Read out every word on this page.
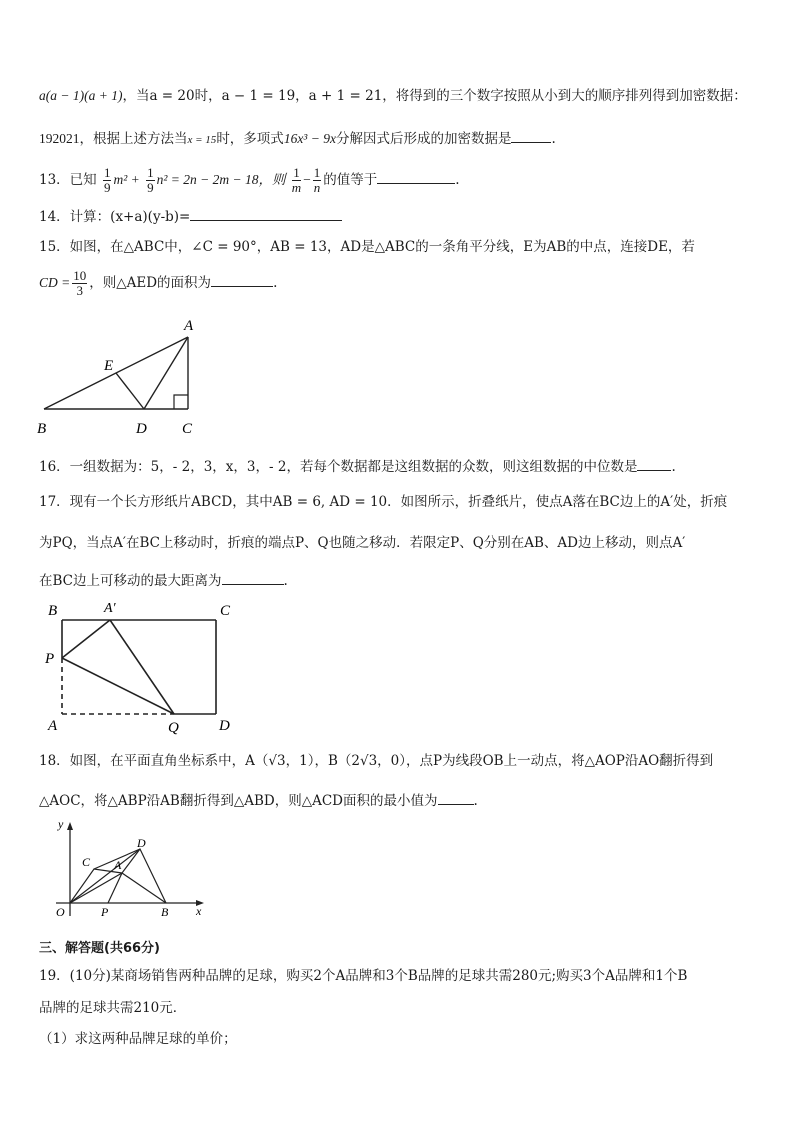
a(a − 1)(a + 1)，当a = 20时，a − 1 = 19，a + 1 = 21，将得到的三个数字按照从小到大的顺序排列得到加密数据：
192021，根据上述方法当x = 15时，多项式16x³ − 9x分解因式后形成的加密数据是	.
13．已知 $\frac{1}{9} m^2 + \frac{1}{9} n^2 = 2n - 2m - 18$，则 $\frac{1}{m} - \frac{1}{n}$ 的值等于	.
14．计算：(x+a)(y-b)=
15．如图，在△ABC中，∠C = 90°，AB = 13，AD是△ABC的一条角平分线，E为AB的中点，连接DE，若
CD = $\frac{10}{3}$ ，则△AED的面积为	.
A
B	C
D
E
16．一组数据为：5，- 2，3，x，3，- 2，若每个数据都是这组数据的众数，则这组数据的中位数是	.
17．现有一个长方形纸片ABCD，其中AB = 6, AD = 10．如图所示，折叠纸片，使点A落在BC边上的A′处，折痕
为PQ，当点A′在BC上移动时，折痕的端点P、Q也随之移动．若限定P、Q分别在AB、AD边上移动，则点A′
在BC边上可移动的最大距离为	.
B	A′	C
P
A	Q	D
18．如图，在平面直角坐标系中，A（√3，1），B（2√3，0），点P为线段OB上一动点，将△AOP沿AO翻折得到
△AOC，将△ABP沿AB翻折得到△ABD，则△ACD面积的最小值为	.
y
x
O	P	B
C A
D
三、解答题(共66分)
19．(10分)某商场销售两种品牌的足球，购买2个A品牌和3个B品牌的足球共需280元;购买3个A品牌和1个B
品牌的足球共需210元．
（1）求这两种品牌足球的单价；
